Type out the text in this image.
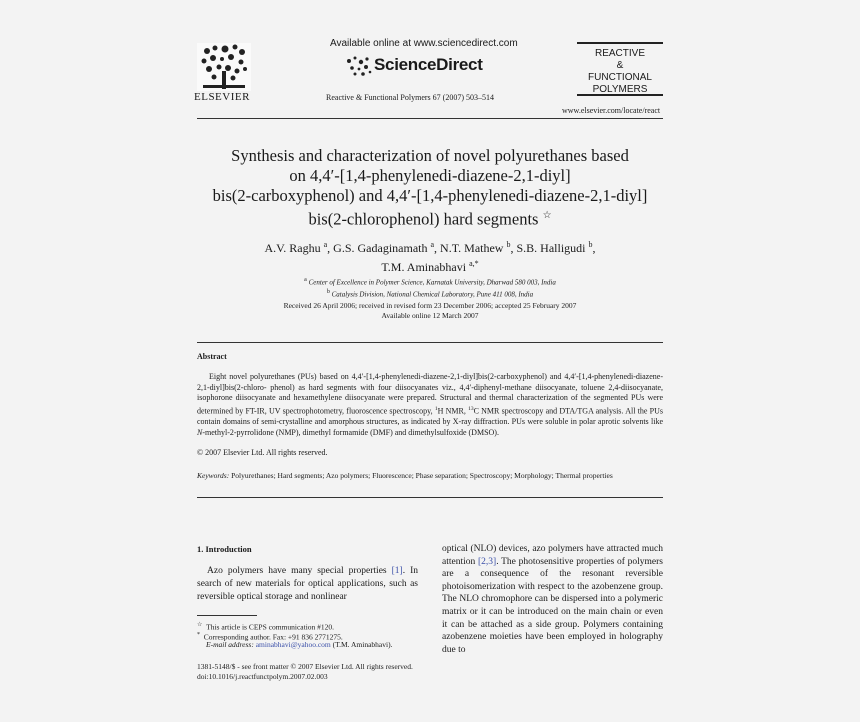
ELSEVIER
Available online at www.sciencedirect.com
ScienceDirect
Reactive & Functional Polymers 67 (2007) 503–514
REACTIVE
&
FUNCTIONAL
POLYMERS
www.elsevier.com/locate/react
Synthesis and characterization of novel polyurethanes based
on 4,4′-[1,4-phenylenedi-diazene-2,1-diyl]
bis(2-carboxyphenol) and 4,4′-[1,4-phenylenedi-diazene-2,1-diyl]
bis(2-chlorophenol) hard segments ☆
A.V. Raghu $^a$, G.S. Gadaginamath $^a$, N.T. Mathew $^b$, S.B. Halligudi $^b$,
T.M. Aminabhavi $^{a,*}$
$^a$ Center of Excellence in Polymer Science, Karnatak University, Dharwad 580 003, India
$^b$ Catalysis Division, National Chemical Laboratory, Pune 411 008, India
Received 26 April 2006; received in revised form 23 December 2006; accepted 25 February 2007
Available online 12 March 2007
Abstract
Eight novel polyurethanes (PUs) based on 4,4′-[1,4-phenylenedi-diazene-2,1-diyl]bis(2-carboxyphenol) and 4,4′-[1,4-phenylenedi-diazene-2,1-diyl]bis(2-chloro- phenol) as hard segments with four diisocyanates viz., 4,4′-diphenyl-methane diisocyanate, toluene 2,4-diisocyanate, isophorone diisocyanate and hexamethylene diisocyanate were prepared. Structural and thermal characterization of the segmented PUs were determined by FT-IR, UV spectrophotometry, fluoroscence spectroscopy, $^1$H NMR, $^{13}$C NMR spectroscopy and DTA/TGA analysis. All the PUs contain domains of semi-crystalline and amorphous structures, as indicated by X-ray diffraction. PUs were soluble in polar aprotic solvents like N-methyl-2-pyrrolidone (NMP), dimethyl formamide (DMF) and dimethylsulfoxide (DMSO).
© 2007 Elsevier Ltd. All rights reserved.
Keywords: Polyurethanes; Hard segments; Azo polymers; Fluorescence; Phase separation; Spectroscopy; Morphology; Thermal properties
1. Introduction
Azo polymers have many special properties [1]. In search of new materials for optical applications, such as reversible optical storage and nonlinear
optical (NLO) devices, azo polymers have attracted much attention [2,3]. The photosensitive properties of polymers are a consequence of the resonant reversible photoisomerization with respect to the azobenzene group. The NLO chromophore can be dispersed into a polymeric matrix or it can be introduced on the main chain or even it can be attached as a side group. Polymers containing azobenzene moieties have been employed in holography due to
☆ This article is CEPS communication #120.
* Corresponding author. Fax: +91 836 2771275.
E-mail address: aminabhavi@yahoo.com (T.M. Aminabhavi).
1381-5148/$ - see front matter © 2007 Elsevier Ltd. All rights reserved.
doi:10.1016/j.reactfunctpolym.2007.02.003
